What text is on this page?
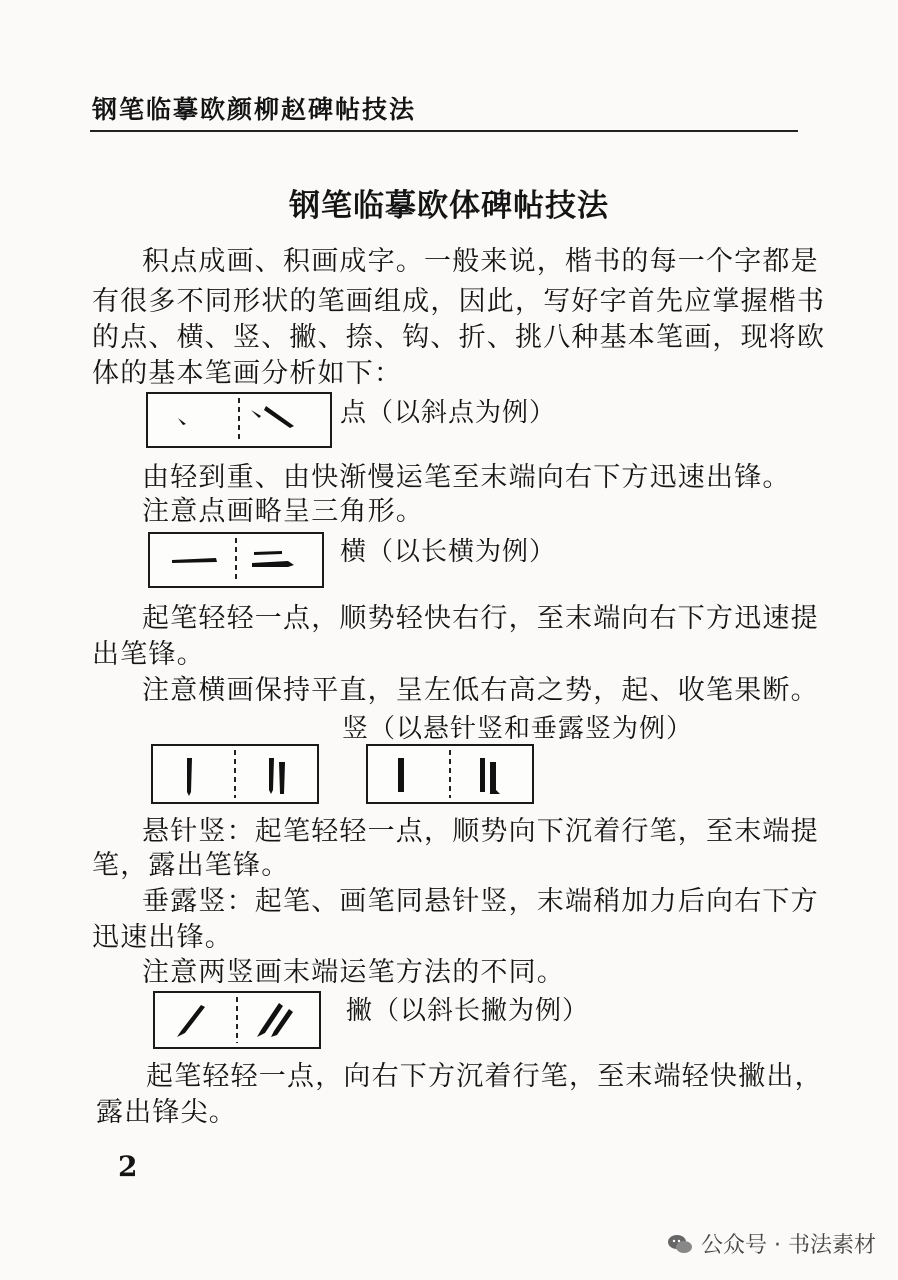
钢笔临摹欧颜柳赵碑帖技法
钢笔临摹欧体碑帖技法
积点成画、积画成字。一般来说，楷书的每一个字都是
有很多不同形状的笔画组成，因此，写好字首先应掌握楷书
的点、横、竖、撇、捺、钩、折、挑八种基本笔画，现将欧
体的基本笔画分析如下：
点（以斜点为例）
由轻到重、由快渐慢运笔至末端向右下方迅速出锋。
注意点画略呈三角形。
横（以长横为例）
起笔轻轻一点，顺势轻快右行，至末端向右下方迅速提
出笔锋。
注意横画保持平直，呈左低右高之势，起、收笔果断。
竖（以悬针竖和垂露竖为例）
悬针竖：起笔轻轻一点，顺势向下沉着行笔，至末端提
笔，露出笔锋。
垂露竖：起笔、画笔同悬针竖，末端稍加力后向右下方
迅速出锋。
注意两竖画末端运笔方法的不同。
撇（以斜长撇为例）
起笔轻轻一点，向右下方沉着行笔，至末端轻快撇出，
露出锋尖。
2
公众号 · 书法素材
